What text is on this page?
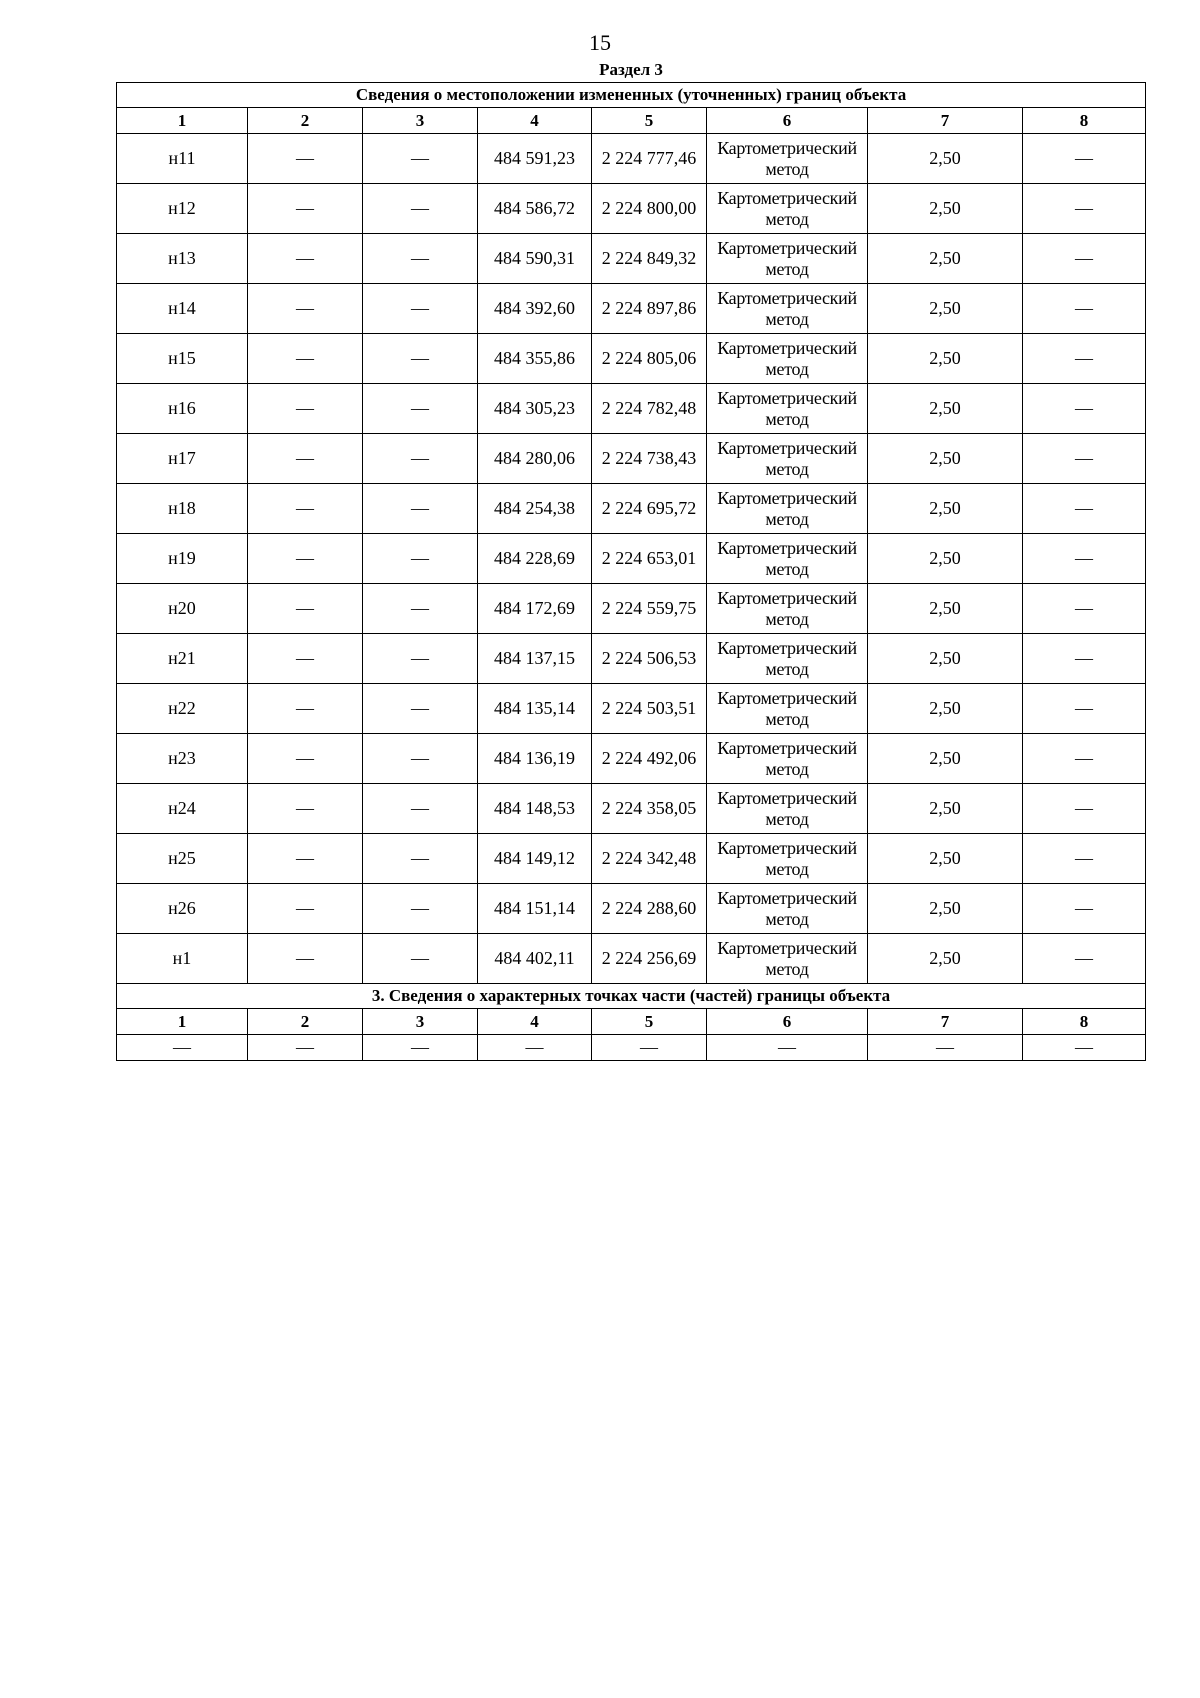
15
Раздел 3
Сведения о местоположении измененных (уточненных) границ объекта							
1	2	3	4	5	6	7	8
н11	—	—	484 591,23	2 224 777,46	Картометрический метод	2,50	—
н12	—	—	484 586,72	2 224 800,00	Картометрический метод	2,50	—
н13	—	—	484 590,31	2 224 849,32	Картометрический метод	2,50	—
н14	—	—	484 392,60	2 224 897,86	Картометрический метод	2,50	—
н15	—	—	484 355,86	2 224 805,06	Картометрический метод	2,50	—
н16	—	—	484 305,23	2 224 782,48	Картометрический метод	2,50	—
н17	—	—	484 280,06	2 224 738,43	Картометрический метод	2,50	—
н18	—	—	484 254,38	2 224 695,72	Картометрический метод	2,50	—
н19	—	—	484 228,69	2 224 653,01	Картометрический метод	2,50	—
н20	—	—	484 172,69	2 224 559,75	Картометрический метод	2,50	—
н21	—	—	484 137,15	2 224 506,53	Картометрический метод	2,50	—
н22	—	—	484 135,14	2 224 503,51	Картометрический метод	2,50	—
н23	—	—	484 136,19	2 224 492,06	Картометрический метод	2,50	—
н24	—	—	484 148,53	2 224 358,05	Картометрический метод	2,50	—
н25	—	—	484 149,12	2 224 342,48	Картометрический метод	2,50	—
н26	—	—	484 151,14	2 224 288,60	Картометрический метод	2,50	—
н1	—	—	484 402,11	2 224 256,69	Картометрический метод	2,50	—
3. Сведения о характерных точках части (частей) границы объекта							
1	2	3	4	5	6	7	8
—	—	—	—	—	—	—	—
